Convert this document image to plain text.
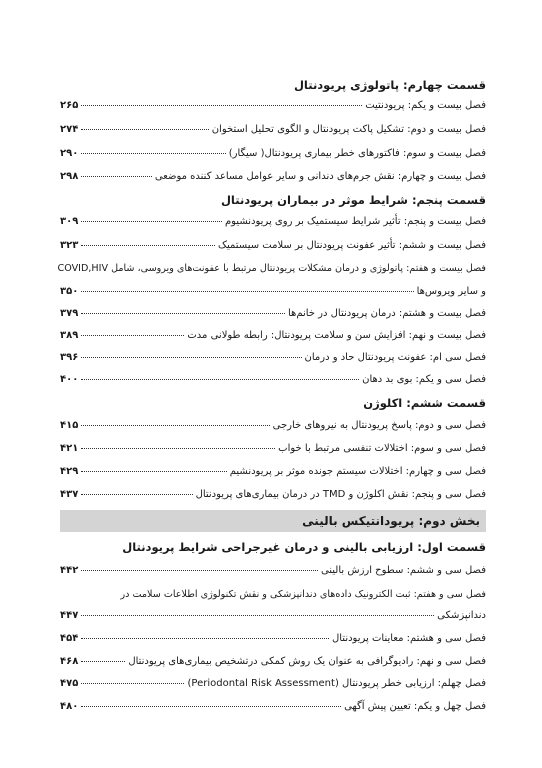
قسمت چهارم: پاتولوژی پریودنتال
فصل بیست و یکم: پریودنتیت
۲۶۵
فصل بیست و دوم: تشکیل پاکت پریودنتال و الگوی تحلیل استخوان
۲۷۴
فصل بیست و سوم: فاکتورهای خطر بیماری پریودنتال( سیگار)
۲۹۰
فصل بیست و چهارم: نقش جرم‌های دندانی و سایر عوامل مساعد کننده موضعی
۲۹۸
قسمت پنجم: شرایط موثر در بیماران پریودنتال
فصل بیست و پنجم: تأثیر شرایط سیستمیک بر روی پریودنشیوم
۳۰۹
فصل بیست و ششم: تأثیر عفونت پریودنتال بر سلامت سیستمیک
۳۲۳
فصل بیست و هفتم: پاتولوژی و درمان مشکلات پریودنتال مرتبط با عفونت‌های ویروسی، شامل COVID,HIV
و سایر ویروس‌ها
۳۵۰
فصل بیست و هشتم: درمان پریودنتال در خانم‌ها
۳۷۹
فصل بیست و نهم: افزایش سن و سلامت پریودنتال: رابطه طولانی مدت
۳۸۹
فصل سی ام: عفونت پریودنتال حاد و درمان
۳۹۶
فصل سی و یکم: بوی بد دهان
۴۰۰
قسمت ششم: اکلوژن
فصل سی و دوم: پاسخ پریودنتال به نیروهای خارجی
۴۱۵
فصل سی و سوم: اختلالات تنفسی مرتبط با خواب
۴۲۱
فصل سی و چهارم: اختلالات سیستم جونده موثر بر پریودنشیم
۴۲۹
فصل سی و پنجم: نقش اکلوژن و TMD در درمان بیماری‌های پریودنتال
۴۳۷
بخش دوم: پریودانتیکس بالینی
قسمت اول: ارزیابی بالینی و درمان غیرجراحی شرایط پریودنتال
فصل سی و ششم: سطوح ارزش بالینی
۴۴۲
فصل سی و هفتم: ثبت الکترونیک داده‌های دندانپزشکی و نقش تکنولوژی اطلاعات سلامت در
دندانپزشکی
۴۴۷
فصل سی و هشتم: معاینات پریودنتال
۴۵۴
فصل سی و نهم: رادیوگرافی به عنوان یک روش کمکی درتشخیص بیماری‌های پریودنتال
۴۶۸
فصل چهلم: ارزیابی خطر پریودنتال (Periodontal Risk Assessment)
۴۷۵
فصل چهل و یکم: تعیین پیش آگهی
۴۸۰
